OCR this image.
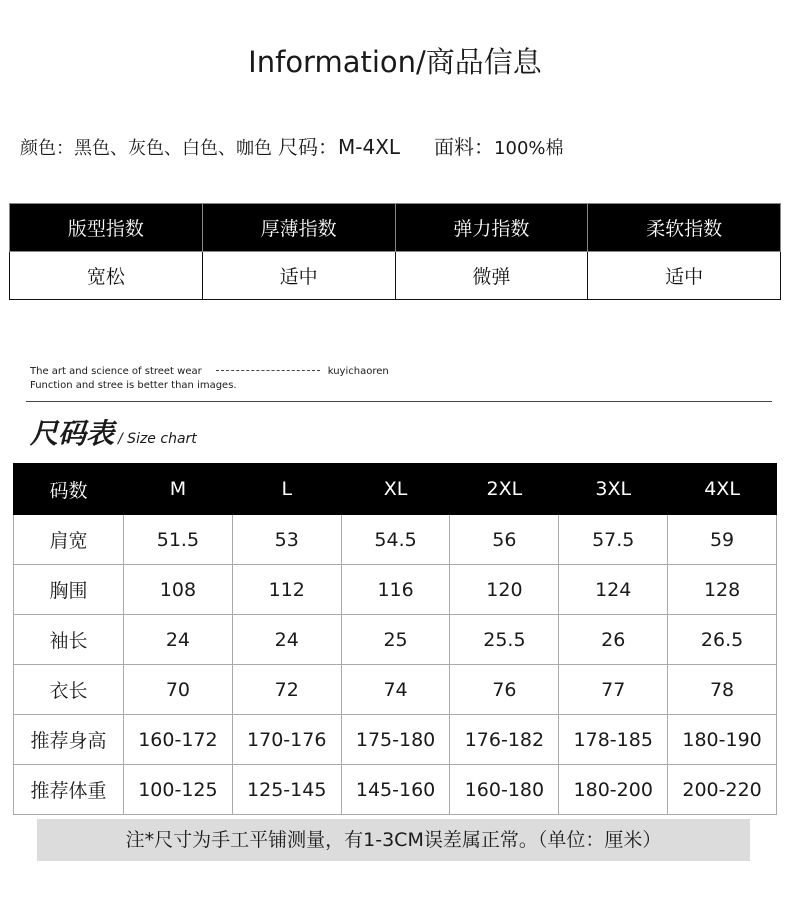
Information/商品信息
颜色：黑色、灰色、白色、咖色 尺码：M-4XL 面料：100%棉
版型指数	厚薄指数	弹力指数	柔软指数
宽松	适中	微弹	适中
The art and science of street wear	kuyichaoren
Function and stree is better than images.
尺码表 / Size chart
码数	M	L	XL	2XL	3XL	4XL
肩宽	51.5	53	54.5	56	57.5	59
胸围	108	112	116	120	124	128
袖长	24	24	25	25.5	26	26.5
衣长	70	72	74	76	77	78
推荐身高	160-172	170-176	175-180	176-182	178-185	180-190
推荐体重	100-125	125-145	145-160	160-180	180-200	200-220
注*尺寸为手工平铺测量，有1-3CM误差属正常。（单位：厘米）
